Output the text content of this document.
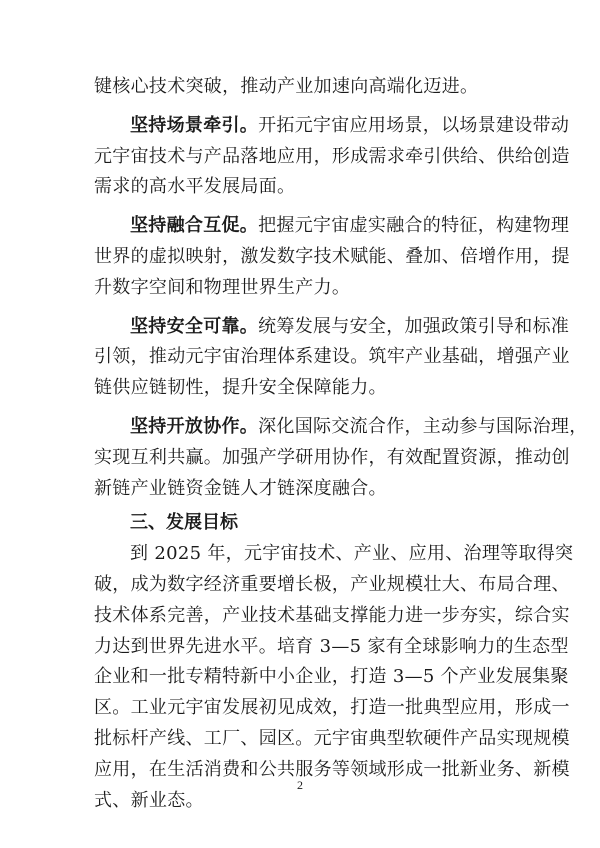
键核心技术突破，推动产业加速向高端化迈进。
坚持场景牵引。开拓元宇宙应用场景，以场景建设带动
元宇宙技术与产品落地应用，形成需求牵引供给、供给创造
需求的高水平发展局面。
坚持融合互促。把握元宇宙虚实融合的特征，构建物理
世界的虚拟映射，激发数字技术赋能、叠加、倍增作用，提
升数字空间和物理世界生产力。
坚持安全可靠。统筹发展与安全，加强政策引导和标准
引领，推动元宇宙治理体系建设。筑牢产业基础，增强产业
链供应链韧性，提升安全保障能力。
坚持开放协作。深化国际交流合作，主动参与国际治理，
实现互利共赢。加强产学研用协作，有效配置资源，推动创
新链产业链资金链人才链深度融合。
三、发展目标
到 2025 年，元宇宙技术、产业、应用、治理等取得突
破，成为数字经济重要增长极，产业规模壮大、布局合理、
技术体系完善，产业技术基础支撑能力进一步夯实，综合实
力达到世界先进水平。培育 3—5 家有全球影响力的生态型
企业和一批专精特新中小企业，打造 3—5 个产业发展集聚
区。工业元宇宙发展初见成效，打造一批典型应用，形成一
批标杆产线、工厂、园区。元宇宙典型软硬件产品实现规模
应用，在生活消费和公共服务等领域形成一批新业务、新模
式、新业态。
2
